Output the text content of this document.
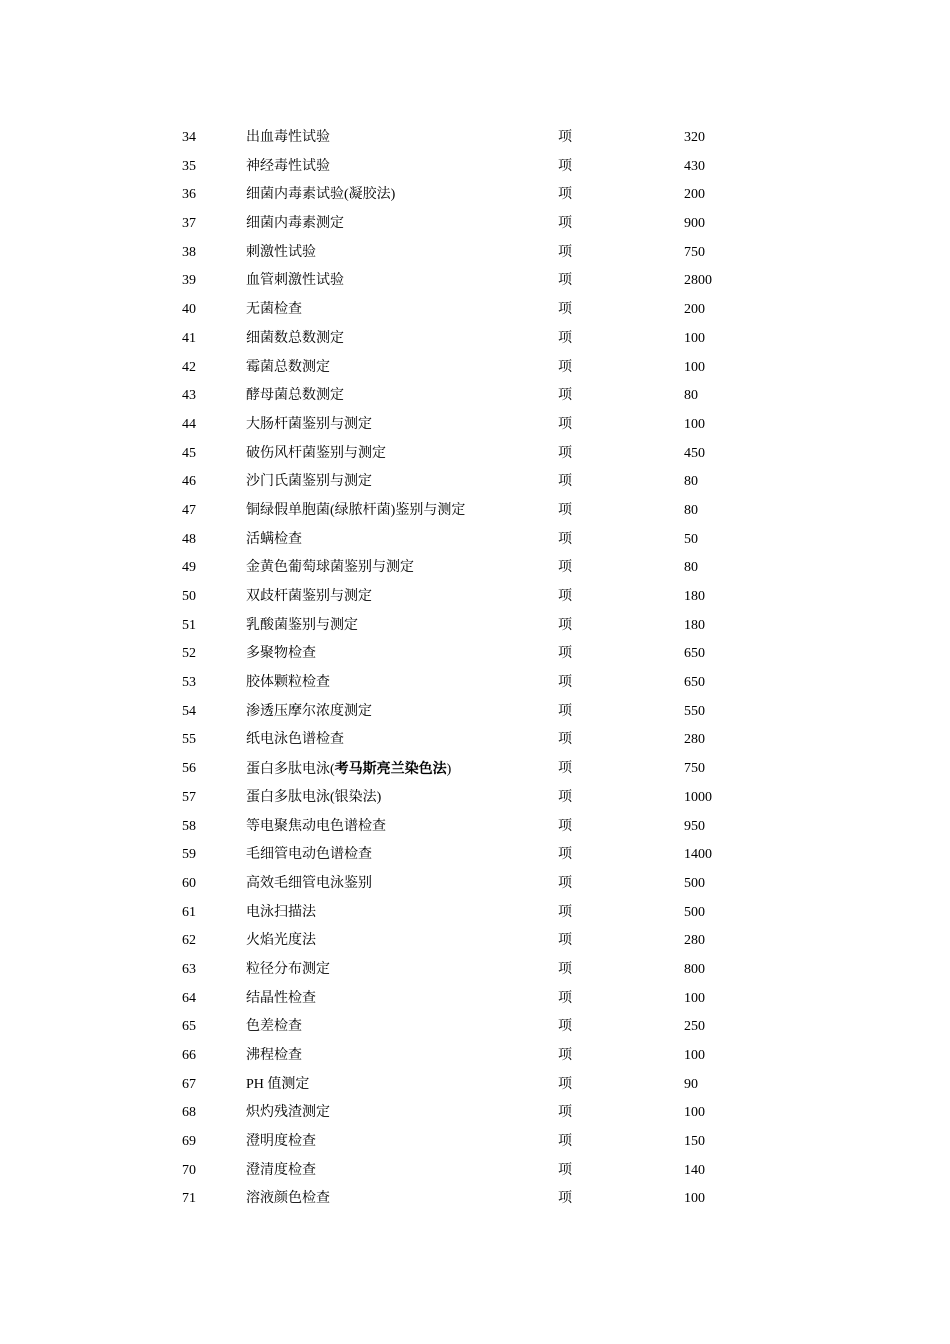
34	出血毒性试验	项	320
35	神经毒性试验	项	430
36	细菌内毒素试验(凝胶法)	项	200
37	细菌内毒素测定	项	900
38	刺激性试验	项	750
39	血管刺激性试验	项	2800
40	无菌检查	项	200
41	细菌数总数测定	项	100
42	霉菌总数测定	项	100
43	酵母菌总数测定	项	80
44	大肠杆菌鉴别与测定	项	100
45	破伤风杆菌鉴别与测定	项	450
46	沙门氏菌鉴别与测定	项	80
47	铜绿假单胞菌(绿脓杆菌)鉴别与测定	项	80
48	活螨检查	项	50
49	金黄色葡萄球菌鉴别与测定	项	80
50	双歧杆菌鉴别与测定	项	180
51	乳酸菌鉴别与测定	项	180
52	多聚物检查	项	650
53	胶体颗粒检查	项	650
54	渗透压摩尔浓度测定	项	550
55	纸电泳色谱检查	项	280
56	蛋白多肽电泳(考马斯亮兰染色法)	项	750
57	蛋白多肽电泳(银染法)	项	1000
58	等电聚焦动电色谱检查	项	950
59	毛细管电动色谱检查	项	1400
60	高效毛细管电泳鉴别	项	500
61	电泳扫描法	项	500
62	火焰光度法	项	280
63	粒径分布测定	项	800
64	结晶性检查	项	100
65	色差检查	项	250
66	沸程检查	项	100
67	PH 值测定	项	90
68	炽灼残渣测定	项	100
69	澄明度检查	项	150
70	澄清度检查	项	140
71	溶液颜色检查	项	100
